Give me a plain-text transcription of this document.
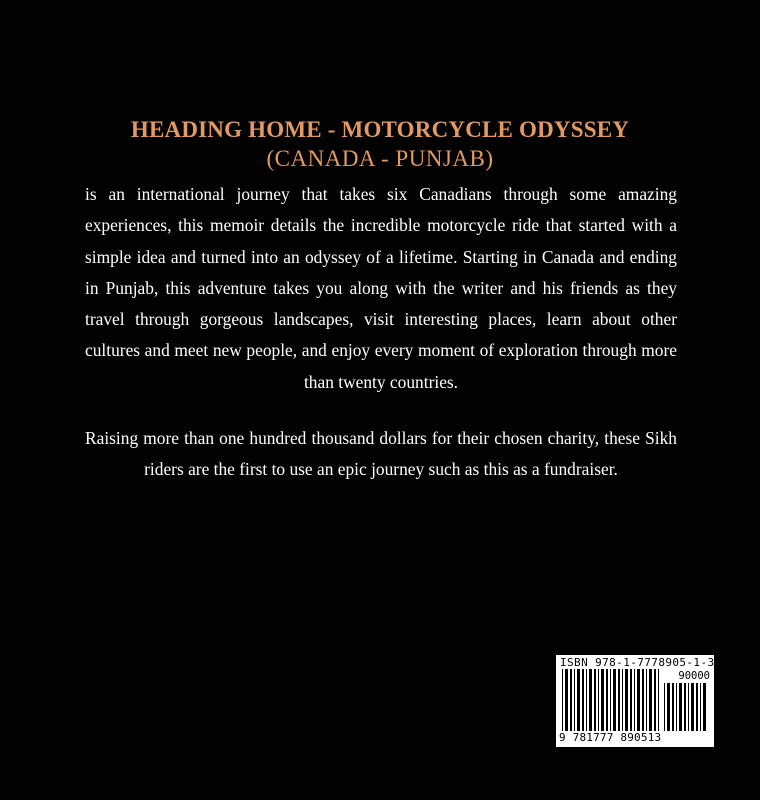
HEADING HOME - MOTORCYCLE ODYSSEY
(CANADA - PUNJAB)
is an international journey that takes six Canadians through some amazing experiences, this memoir details the incredible motorcycle ride that started with a simple idea and turned into an odyssey of a lifetime. Starting in Canada and ending in Punjab, this adventure takes you along with the writer and his friends as they travel through gorgeous landscapes, visit interesting places, learn about other cultures and meet new people, and enjoy every moment of exploration through more than twenty countries.
Raising more than one hundred thousand dollars for their chosen charity, these Sikh riders are the first to use an epic journey such as this as a fundraiser.
ISBN 978-1-7778905-1-3
90000
9 781777 890513
